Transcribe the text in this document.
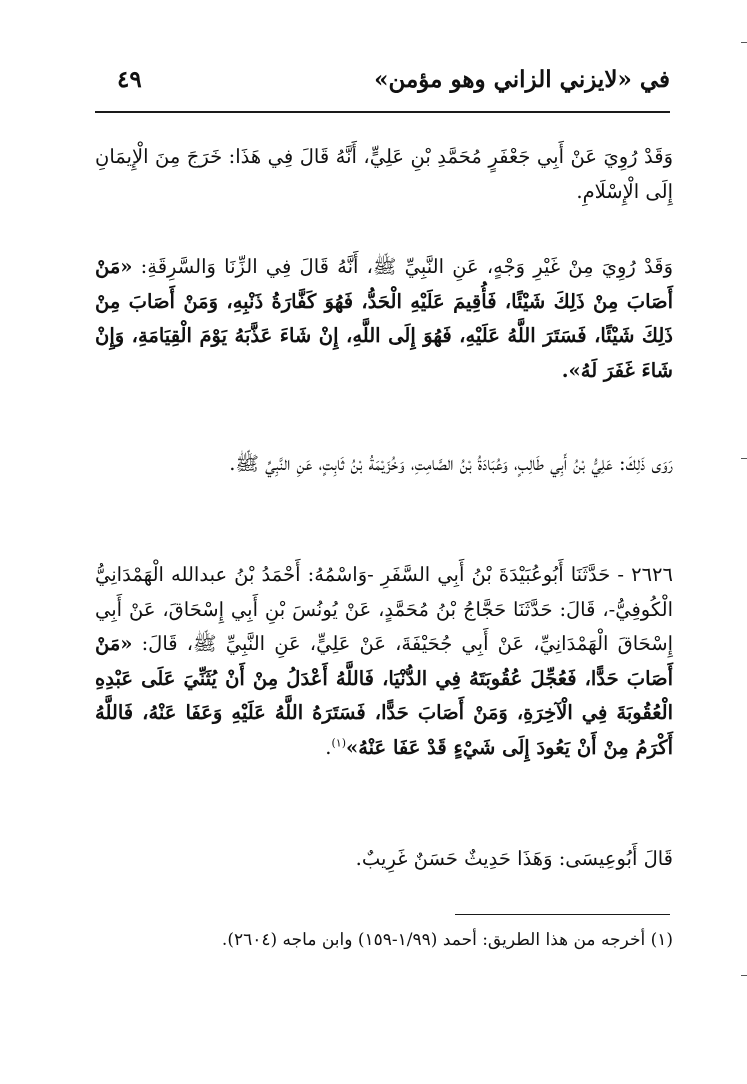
في «لايزني الزاني وهو مؤمن»
٤٩
وَقَدْ رُوِيَ عَنْ أَبِي جَعْفَرٍ مُحَمَّدِ بْنِ عَلِيٍّ، أَنَّهُ قَالَ فِي هَذَا: خَرَجَ مِنَ الْإِيمَانِ إِلَى الْإِسْلَامِ.
وَقَدْ رُوِيَ مِنْ غَيْرِ وَجْهٍ، عَنِ النَّبِيِّ ﷺ، أَنَّهُ قَالَ فِي الزِّنَا وَالسَّرِقَةِ: «مَنْ أَصَابَ مِنْ ذَلِكَ شَيْئًا، فَأُقِيمَ عَلَيْهِ الْحَدُّ، فَهُوَ كَفَّارَةُ ذَنْبِهِ، وَمَنْ أَصَابَ مِنْ ذَلِكَ شَيْئًا، فَسَتَرَ اللَّهُ عَلَيْهِ، فَهُوَ إِلَى اللَّهِ، إِنْ شَاءَ عَذَّبَهُ يَوْمَ الْقِيَامَةِ، وَإِنْ شَاءَ غَفَرَ لَهُ».
رَوَى ذَلِكَ: عَلِيُّ بْنُ أَبِي طَالِبٍ، وَعُبَادَةُ بْنُ الصَّامِتِ، وَخُزَيْمَةُ بْنُ ثَابِتٍ، عَنِ النَّبِيِّ ﷺ.
٢٦٢٦ - حَدَّثَنَا أَبُوعُبَيْدَةَ بْنُ أَبِي السَّفَرِ -وَاسْمُهُ: أَحْمَدُ بْنُ عبدالله الْهَمْدَانِيُّ الْكُوفِيُّ-، قَالَ: حَدَّثَنَا حَجَّاجُ بْنُ مُحَمَّدٍ، عَنْ يُونُسَ بْنِ أَبِي إِسْحَاقَ، عَنْ أَبِي إِسْحَاقَ الْهَمْدَانِيِّ، عَنْ أَبِي جُحَيْفَةَ، عَنْ عَلِيٍّ، عَنِ النَّبِيِّ ﷺ، قَالَ: «مَنْ أَصَابَ حَدًّا، فَعُجِّلَ عُقُوبَتَهُ فِي الدُّنْيَا، فَاللَّهُ أَعْدَلُ مِنْ أَنْ يُثَنِّيَ عَلَى عَبْدِهِ الْعُقُوبَةَ فِي الْآخِرَةِ، وَمَنْ أَصَابَ حَدًّا، فَسَتَرَهُ اللَّهُ عَلَيْهِ وَعَفَا عَنْهُ، فَاللَّهُ أَكْرَمُ مِنْ أَنْ يَعُودَ إِلَى شَيْءٍ قَدْ عَفَا عَنْهُ»$^{(١)}$.
قَالَ أَبُوعِيسَى: وَهَذَا حَدِيثٌ حَسَنٌ غَرِيبٌ.
(١) أخرجه من هذا الطريق: أحمد (١/٩٩-١٥٩) وابن ماجه (٢٦٠٤).
